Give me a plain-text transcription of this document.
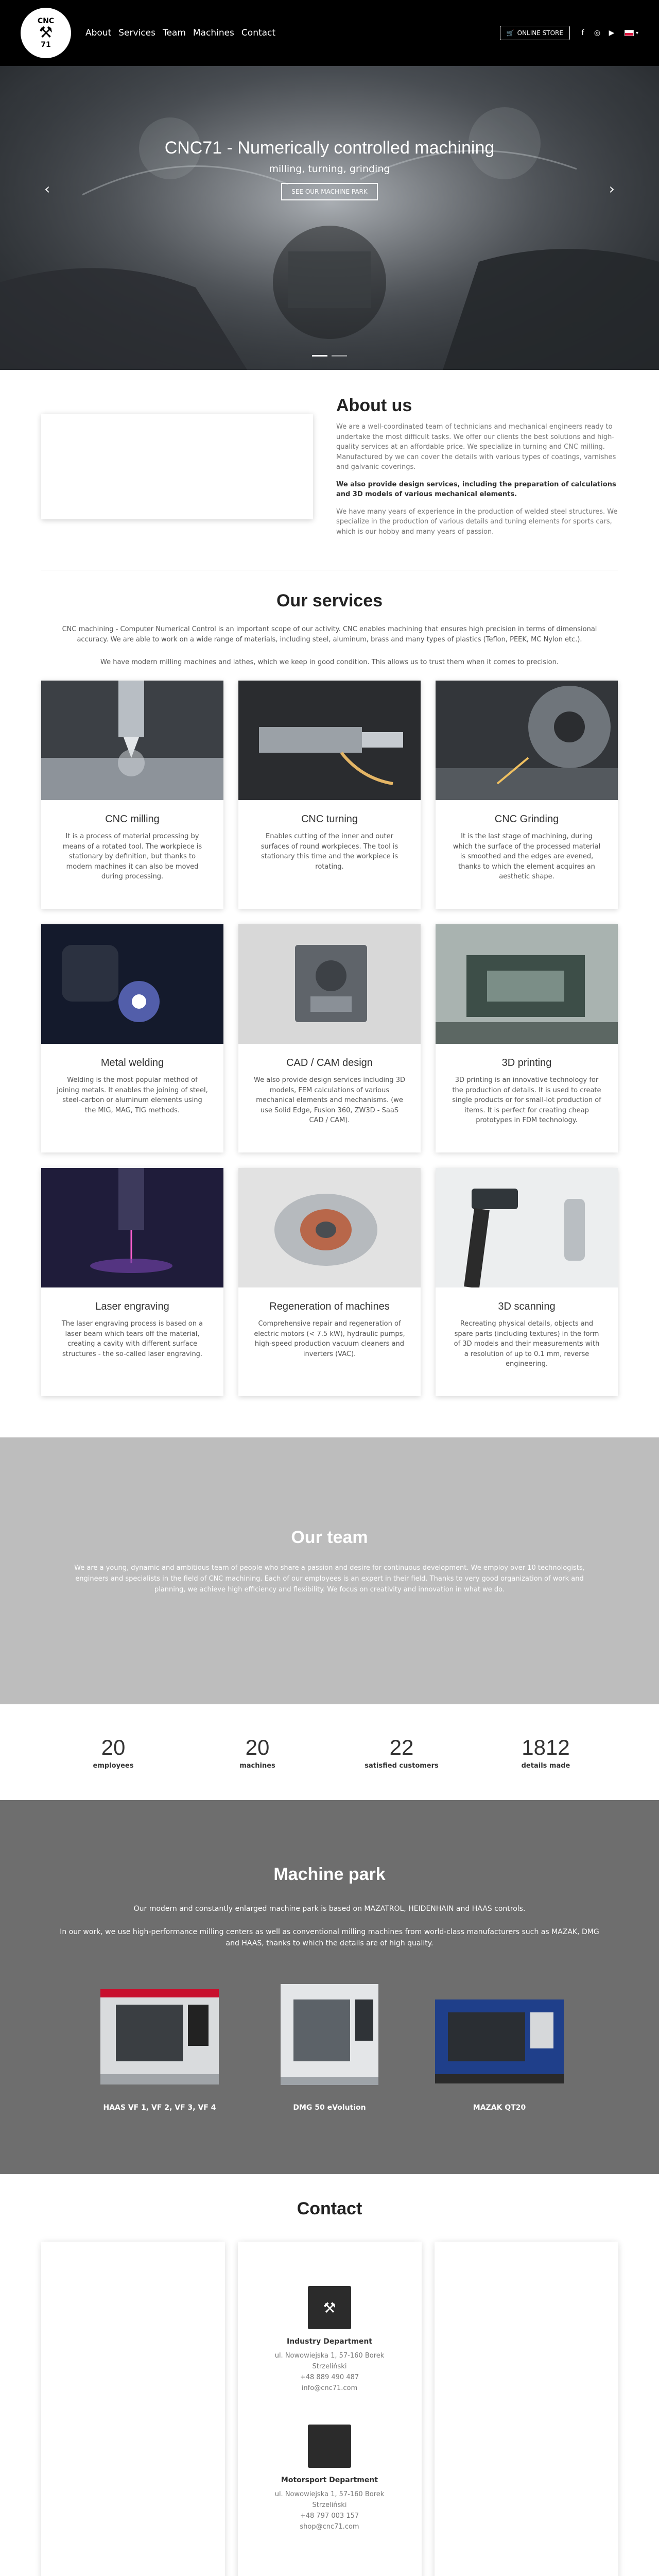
CNC
⚒
71
About Services Team Machines Contact	🛒 ONLINE STORE	f	◎ ▶	▾
CNC71 - Numerically controlled machining
milling, turning, grinding
SEE OUR MACHINE PARK
‹	›
About us

We are a well-coordinated team of technicians and mechanical engineers ready to undertake the most difficult tasks. We offer our clients the best solutions and high-quality services at an affordable price. We specialize in turning and CNC milling. Manufactured by we can cover the details with various types of coatings, varnishes and galvanic coverings.

We also provide design services, including the preparation of calculations and 3D models of various mechanical elements.

We have many years of experience in the production of welded steel structures. We specialize in the production of various details and tuning elements for sports cars, which is our hobby and many years of passion.

Our services

CNC machining - Computer Numerical Control is an important scope of our activity. CNC enables machining that ensures high precision in terms of dimensional accuracy. We are able to work on a wide range of materials, including steel, aluminum, brass and many types of plastics (Teflon, PEEK, MC Nylon etc.).

We have modern milling machines and lathes, which we keep in good condition. This allows us to trust them when it comes to precision.

CNC milling

It is a process of material processing by means of a rotated tool. The workpiece is stationary by definition, but thanks to modern machines it can also be moved during processing.

CNC turning

Enables cutting of the inner and outer surfaces of round workpieces. The tool is stationary this time and the workpiece is rotating.

CNC Grinding

It is the last stage of machining, during which the surface of the processed material is smoothed and the edges are evened, thanks to which the element acquires an aesthetic shape.

Metal welding

Welding is the most popular method of joining metals. It enables the joining of steel, steel-carbon or aluminum elements using the MIG, MAG, TIG methods.

CAD / CAM design

We also provide design services including 3D models, FEM calculations of various mechanical elements and mechanisms. (we use Solid Edge, Fusion 360, ZW3D - SaaS CAD / CAM).

3D printing

3D printing is an innovative technology for the production of details. It is used to create single products or for small-lot production of items. It is perfect for creating cheap prototypes in FDM technology.

Laser engraving

The laser engraving process is based on a laser beam which tears off the material, creating a cavity with different surface structures - the so-called laser engraving.

Regeneration of machines

Comprehensive repair and regeneration of electric motors (< 7.5 kW), hydraulic pumps, high-speed production vacuum cleaners and inverters (VAC).

3D scanning

Recreating physical details, objects and spare parts (including textures) in the form of 3D models and their measurements with a resolution of up to 0.1 mm, reverse engineering.

Our team

We are a young, dynamic and ambitious team of people who share a passion and desire for continuous development. We employ over 10 technologists, engineers and specialists in the field of CNC machining. Each of our employees is an expert in their field. Thanks to very good organization of work and planning, we achieve high efficiency and flexibility. We focus on creativity and innovation in what we do.

20
employees
20
machines
22
satisfied customers
1812
details made
Machine park

Our modern and constantly enlarged machine park is based on MAZATROL, HEIDENHAIN and HAAS controls.

In our work, we use high-performance milling centers as well as conventional milling machines from world-class manufacturers such as MAZAK, DMG and HAAS, thanks to which the details are of high quality.

HAAS VF 1, VF 2, VF 3, VF 4	DMG 50 eVolution	MAZAK QT20
Contact
⚒
Industry Department
ul. Nowowiejska 1, 57-160 Borek
Strzeliński
+48 889 490 487
info@cnc71.com
Motorsport Department
ul. Nowowiejska 1, 57-160 Borek
Strzeliński
+48 797 003 157
shop@cnc71.com
